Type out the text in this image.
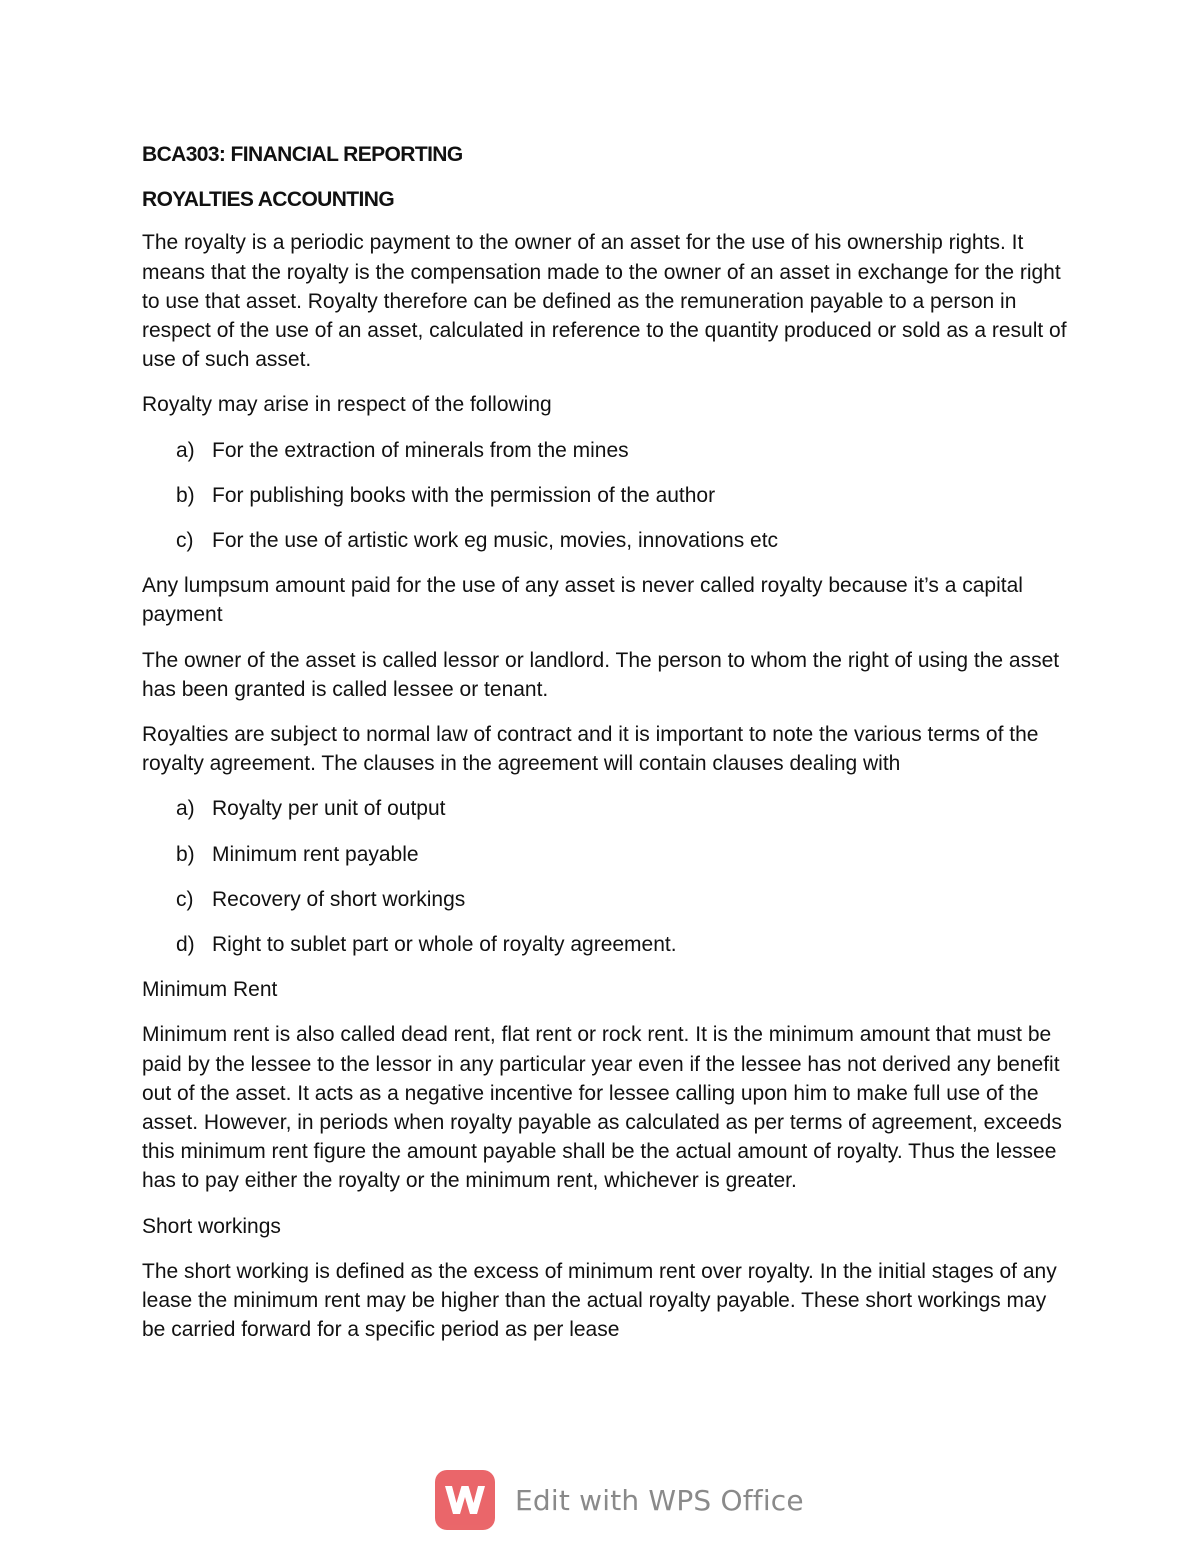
BCA303: FINANCIAL REPORTING
ROYALTIES ACCOUNTING

The royalty is a periodic payment to the owner of an asset for the use of his ownership rights. It means that the royalty is the compensation made to the owner of an asset in exchange for the right to use that asset. Royalty therefore can be defined as the remuneration payable to a person in respect of the use of an asset, calculated in reference to the quantity produced or sold as a result of use of such asset.

Royalty may arise in respect of the following

a) For the extraction of minerals from the mines
b) For publishing books with the permission of the author
c) For the use of artistic work eg music, movies, innovations etc

Any lumpsum amount paid for the use of any asset is never called royalty because it’s a capital payment

The owner of the asset is called lessor or landlord. The person to whom the right of using the asset has been granted is called lessee or tenant.

Royalties are subject to normal law of contract and it is important to note the various terms of the royalty agreement. The clauses in the agreement will contain clauses dealing with

a) Royalty per unit of output
b) Minimum rent payable
c) Recovery of short workings
d) Right to sublet part or whole of royalty agreement.

Minimum Rent

Minimum rent is also called dead rent, flat rent or rock rent. It is the minimum amount that must be paid by the lessee to the lessor in any particular year even if the lessee has not derived any benefit out of the asset. It acts as a negative incentive for lessee calling upon him to make full use of the asset. However, in periods when royalty payable as calculated as per terms of agreement, exceeds this minimum rent figure the amount payable shall be the actual amount of royalty. Thus the lessee has to pay either the royalty or the minimum rent, whichever is greater.

Short workings

The short working is defined as the excess of minimum rent over royalty. In the initial stages of any lease the minimum rent may be higher than the actual royalty payable. These short workings may be carried forward for a specific period as per lease

Edit with WPS Office
